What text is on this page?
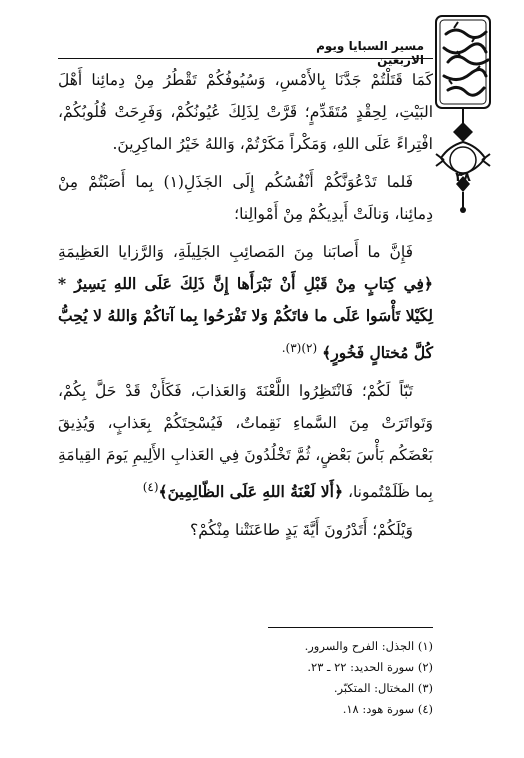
مسير السبايا ويوم الاربعين
٣٨

كَمَا قَتَلْتُمْ جَدَّنَا بِالأَمْسِ، وَسُيُوفُكُمْ تَقْطُرُ مِنْ دِمائِنا أَهْلَ البَيْتِ، لِحِقْدٍ مُتَقَدِّمٍ؛ قَرَّتْ لِذَلِكَ عُيُونُكُمْ، وَفَرِحَتْ قُلُوبُكُمْ، افْتِراءً عَلَى اللهِ، وَمَكْراً مَكَرْتُمْ، وَاللهُ خَيْرُ الماكِرِينَ.

فَلما تَدْعُوَنَّكُمْ أَنْفُسُكُم إِلَى الجَذَلِ(١) بِما أَصَبْتُمْ مِنْ دِمائِنا، وَنالَتْ أَيدِيكُمْ مِنْ أَمْوالِنا؛

فَإِنَّ ما أَصابَنا مِنَ المَصائِبِ الجَلِيلَةِ، وَالرَّزايا العَظِيمَةِ ﴿فِي كِتابٍ مِنْ قَبْلِ أَنْ نَبْرَأَها إِنَّ ذَلِكَ عَلَى اللهِ يَسِيرٌ * لِكَيْلا تَأْسَوا عَلَى ما فاتَكُمْ وَلا تَفْرَحُوا بِما آتاكُمْ وَاللهُ لا يُحِبُّ كُلَّ مُختالٍ فَخُورٍ﴾ $^{(٢)(٣).}$

تَبّاً لَكُمْ؛ فَانْتَظِرُوا اللَّعْنَةَ وَالعَذابَ، فَكَأَنْ قَدْ حَلَّ بِكُمْ، وَتَواتَرَتْ مِنَ السَّماءِ نَقِماتٌ، فَيُسْحِتَكُمْ بِعَذابٍ، وَيُذِيقَ بَعْضَكُم بَأْسَ بَعْضٍ، ثُمَّ تَخْلُدُونَ فِي العَذابِ الأَلِيمِ يَومَ القِيامَةِ بِما ظَلَمْتُمونا، ﴿أَلا لَعْنَةُ اللهِ عَلَى الظّالِمِينَ﴾$^{(٤)}$

وَيْلَكُمْ؛ أَتَدْرُونَ أَيَّةَ يَدٍ طاعَنَتْنا مِنْكُمْ؟

(١) الجذل: الفرح والسرور.

(٢) سورة الحديد: ٢٢ ـ ٢٣.

(٣) المختال: المتكبّر.

(٤) سورة هود: ١٨.
